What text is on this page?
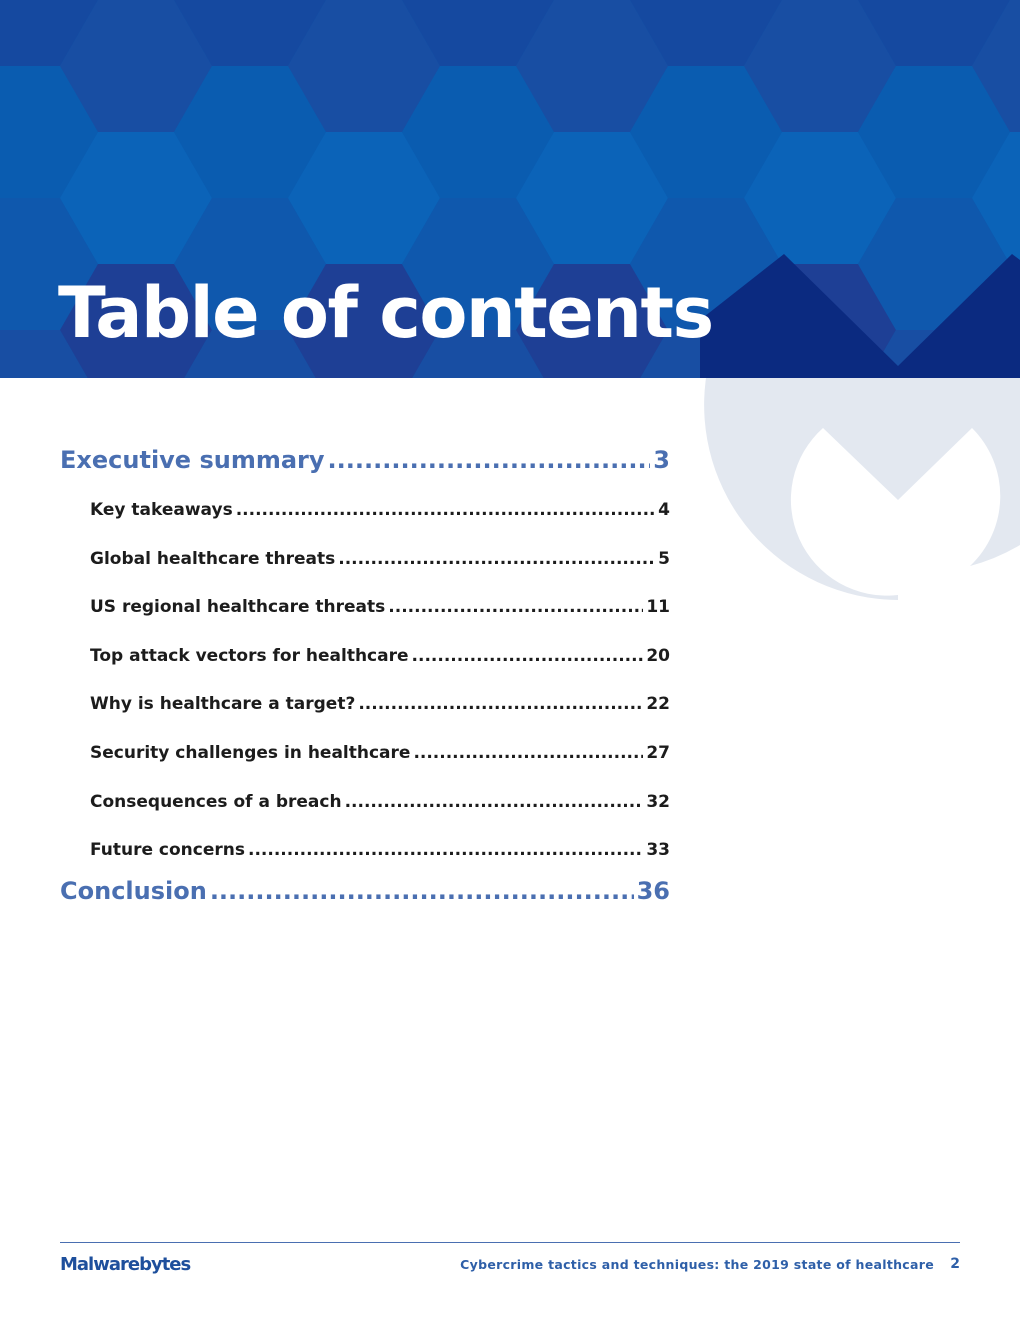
Table of contents
Executive summary .....	3
Key takeaways .....	4
Global healthcare threats .....	5
US regional healthcare threats .....	11
Top attack vectors for healthcare .....	20
Why is healthcare a target? .....	22
Security challenges in healthcare .....	27
Consequences of a breach .....	32
Future concerns .....	33
Conclusion .....	36
Malwarebytes	Cybercrime tactics and techniques: the 2019 state of healthcare 2
